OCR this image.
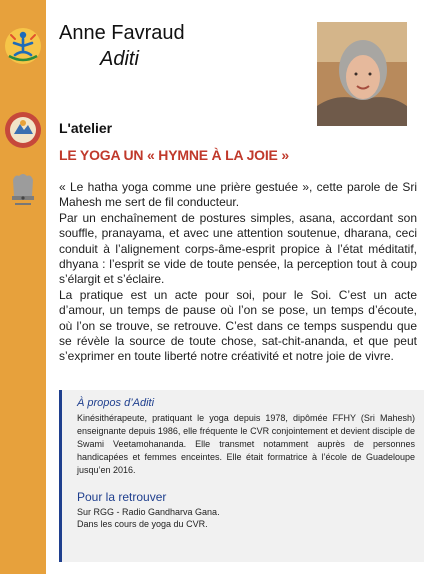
Anne Favraud
Aditi
L'atelier
LE YOGA UN « HYMNE À LA JOIE »

« Le hatha yoga comme une prière gestuée », cette parole de Sri Mahesh me sert de fil conducteur.

Par un enchaînement de postures simples, asana, accordant son souffle, pranayama, et avec une attention soutenue, dharana, ceci conduit à l’alignement corps-âme-esprit propice à l’état méditatif, dhyana : l’esprit se vide de toute pensée, la perception tout à coup s’élargit et s’éclaire.

La pratique est un acte pour soi, pour le Soi. C’est un acte d’amour, un temps de pause où l’on se pose, un temps d’écoute, où l’on se trouve, se retrouve. C’est dans ce temps suspendu que se révèle la source de toute chose, sat-chit-ananda, et que peut s’exprimer en toute liberté notre créativité et notre joie de vivre.

À propos d’Aditi
Kinésithérapeute, pratiquant le yoga depuis 1978, dipômée FFHY (Sri Mahesh) enseignante depuis 1986, elle fréquente le CVR conjointement et devient disciple de Swami Veetamohananda. Elle transmet notamment auprès de personnes handicapées et femmes enceintes. Elle était formatrice à l’école de Guadeloupe jusqu’en 2016.
Pour la retrouver
Sur RGG - Radio Gandharva Gana.
Dans les cours de yoga du CVR.
